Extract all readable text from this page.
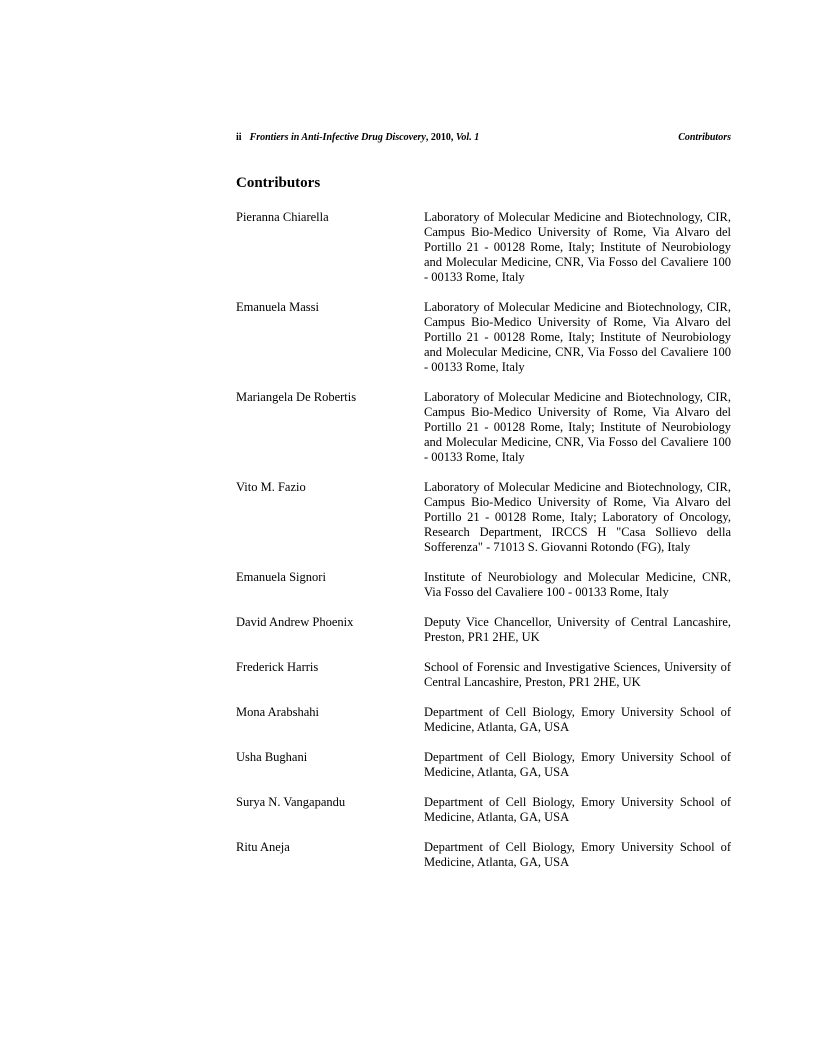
ii Frontiers in Anti-Infective Drug Discovery, 2010, Vol. 1	Contributors
Contributors
Pieranna Chiarella	Laboratory of Molecular Medicine and Biotechnology, CIR, Campus Bio-Medico University of Rome, Via Alvaro del Portillo 21 - 00128 Rome, Italy; Institute of Neurobiology and Molecular Medicine, CNR, Via Fosso del Cavaliere 100 - 00133 Rome, Italy
Emanuela Massi	Laboratory of Molecular Medicine and Biotechnology, CIR, Campus Bio-Medico University of Rome, Via Alvaro del Portillo 21 - 00128 Rome, Italy; Institute of Neurobiology and Molecular Medicine, CNR, Via Fosso del Cavaliere 100 - 00133 Rome, Italy
Mariangela De Robertis	Laboratory of Molecular Medicine and Biotechnology, CIR, Campus Bio-Medico University of Rome, Via Alvaro del Portillo 21 - 00128 Rome, Italy; Institute of Neurobiology and Molecular Medicine, CNR, Via Fosso del Cavaliere 100 - 00133 Rome, Italy
Vito M. Fazio	Laboratory of Molecular Medicine and Biotechnology, CIR, Campus Bio-Medico University of Rome, Via Alvaro del Portillo 21 - 00128 Rome, Italy; Laboratory of Oncology, Research Department, IRCCS H "Casa Sollievo della Sofferenza" - 71013 S. Giovanni Rotondo (FG), Italy
Emanuela Signori	Institute of Neurobiology and Molecular Medicine, CNR, Via Fosso del Cavaliere 100 - 00133 Rome, Italy
David Andrew Phoenix	Deputy Vice Chancellor, University of Central Lancashire, Preston, PR1 2HE, UK
Frederick Harris	School of Forensic and Investigative Sciences, University of Central Lancashire, Preston, PR1 2HE, UK
Mona Arabshahi	Department of Cell Biology, Emory University School of Medicine, Atlanta, GA, USA
Usha Bughani	Department of Cell Biology, Emory University School of Medicine, Atlanta, GA, USA
Surya N. Vangapandu	Department of Cell Biology, Emory University School of Medicine, Atlanta, GA, USA
Ritu Aneja	Department of Cell Biology, Emory University School of Medicine, Atlanta, GA, USA
